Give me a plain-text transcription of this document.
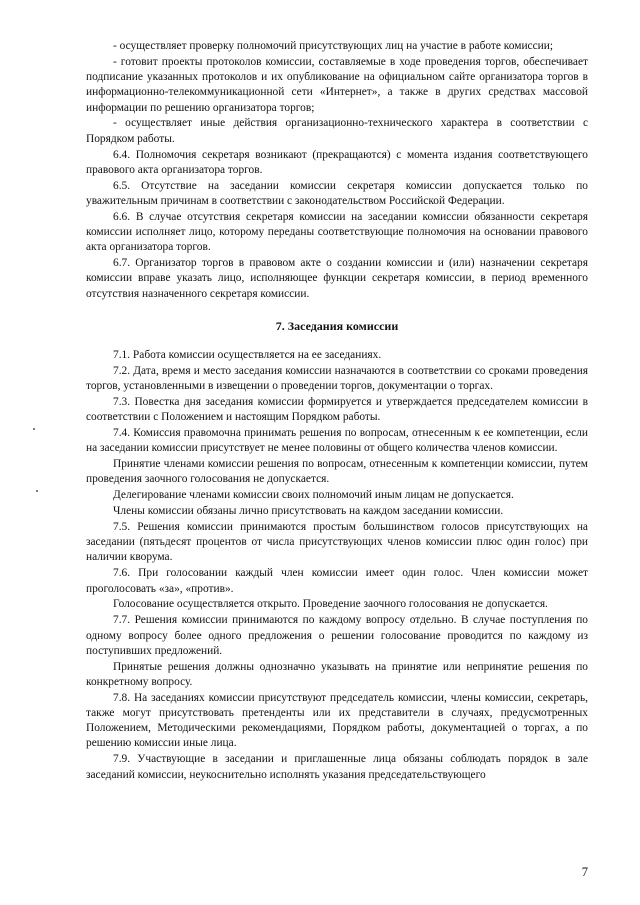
- осуществляет проверку полномочий присутствующих лиц на участие в работе комиссии;

- готовит проекты протоколов комиссии, составляемые в ходе проведения торгов, обеспечивает подписание указанных протоколов и их опубликование на официальном сайте организатора торгов в информационно-телекоммуникационной сети «Интернет», а также в других средствах массовой информации по решению организатора торгов;

- осуществляет иные действия организационно-технического характера в соответствии с Порядком работы.

6.4. Полномочия секретаря возникают (прекращаются) с момента издания соответствующего правового акта организатора торгов.

6.5. Отсутствие на заседании комиссии секретаря комиссии допускается только по уважительным причинам в соответствии с законодательством Российской Федерации.

6.6. В случае отсутствия секретаря комиссии на заседании комиссии обязанности секретаря комиссии исполняет лицо, которому переданы соответствующие полномочия на основании правового акта организатора торгов.

6.7. Организатор торгов в правовом акте о создании комиссии и (или) назначении секретаря комиссии вправе указать лицо, исполняющее функции секретаря комиссии, в период временного отсутствия назначенного секретаря комиссии.

7. Заседания комиссии

7.1. Работа комиссии осуществляется на ее заседаниях.

7.2. Дата, время и место заседания комиссии назначаются в соответствии со сроками проведения торгов, установленными в извещении о проведении торгов, документации о торгах.

7.3. Повестка дня заседания комиссии формируется и утверждается председателем комиссии в соответствии с Положением и настоящим Порядком работы.

7.4. Комиссия правомочна принимать решения по вопросам, отнесенным к ее компетенции, если на заседании комиссии присутствует не менее половины от общего количества членов комиссии.

Принятие членами комиссии решения по вопросам, отнесенным к компетенции комиссии, путем проведения заочного голосования не допускается.

Делегирование членами комиссии своих полномочий иным лицам не допускается.

Члены комиссии обязаны лично присутствовать на каждом заседании комиссии.

7.5. Решения комиссии принимаются простым большинством голосов присутствующих на заседании (пятьдесят процентов от числа присутствующих членов комиссии плюс один голос) при наличии кворума.

7.6. При голосовании каждый член комиссии имеет один голос. Член комиссии может проголосовать «за», «против».

Голосование осуществляется открыто. Проведение заочного голосования не допускается.

7.7. Решения комиссии принимаются по каждому вопросу отдельно. В случае поступления по одному вопросу более одного предложения о решении голосование проводится по каждому из поступивших предложений.

Принятые решения должны однозначно указывать на принятие или непринятие решения по конкретному вопросу.

7.8. На заседаниях комиссии присутствуют председатель комиссии, члены комиссии, секретарь, также могут присутствовать претенденты или их представители в случаях, предусмотренных Положением, Методическими рекомендациями, Порядком работы, документацией о торгах, а по решению комиссии иные лица.

7.9. Участвующие в заседании и приглашенные лица обязаны соблюдать порядок в зале заседаний комиссии, неукоснительно исполнять указания председательствующего

7
